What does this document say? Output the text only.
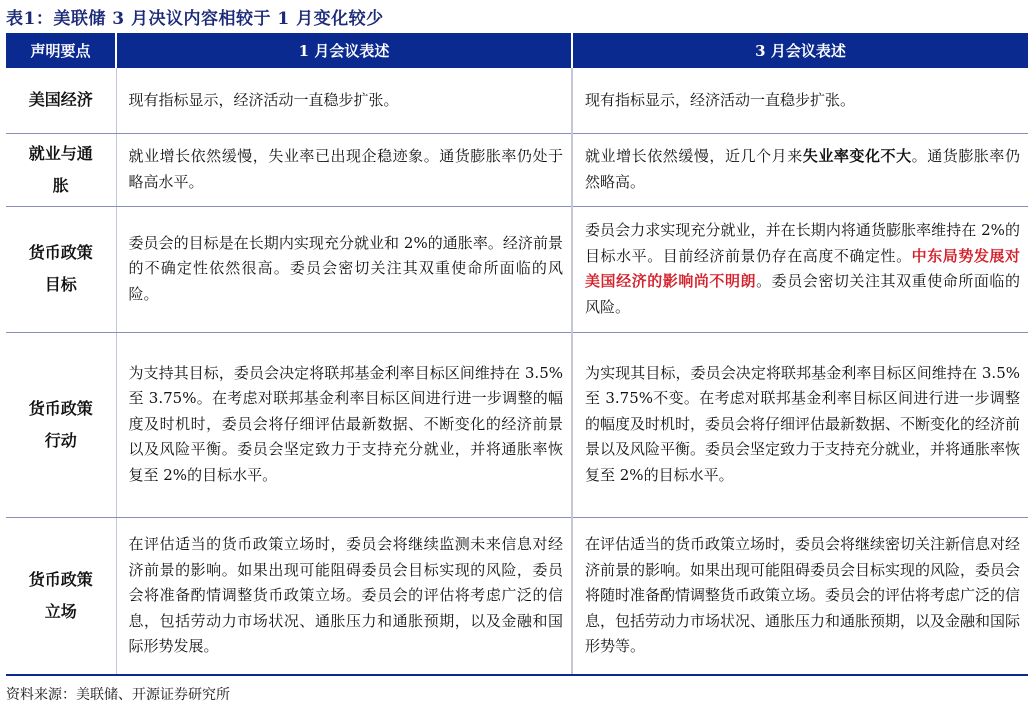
表1：美联储 3 月决议内容相较于 1 月变化较少
声明要点	1 月会议表述	3 月会议表述
美国经济	现有指标显示，经济活动一直稳步扩张。	现有指标显示，经济活动一直稳步扩张。
就业与通胀	就业增长依然缓慢，失业率已出现企稳迹象。通货膨胀率仍处于略高水平。	就业增长依然缓慢，近几个月来失业率变化不大。通货膨胀率仍然略高。
货币政策目标	委员会的目标是在长期内实现充分就业和 2%的通胀率。经济前景的不确定性依然很高。委员会密切关注其双重使命所面临的风险。	委员会力求实现充分就业，并在长期内将通货膨胀率维持在 2%的目标水平。目前经济前景仍存在高度不确定性。中东局势发展对美国经济的影响尚不明朗。委员会密切关注其双重使命所面临的风险。
货币政策行动	为支持其目标，委员会决定将联邦基金利率目标区间维持在 3.5%至 3.75%。在考虑对联邦基金利率目标区间进行进一步调整的幅度及时机时，委员会将仔细评估最新数据、不断变化的经济前景以及风险平衡。委员会坚定致力于支持充分就业，并将通胀率恢复至 2%的目标水平。	为实现其目标，委员会决定将联邦基金利率目标区间维持在 3.5%至 3.75%不变。在考虑对联邦基金利率目标区间进行进一步调整的幅度及时机时，委员会将仔细评估最新数据、不断变化的经济前景以及风险平衡。委员会坚定致力于支持充分就业，并将通胀率恢复至 2%的目标水平。
货币政策立场	在评估适当的货币政策立场时，委员会将继续监测未来信息对经济前景的影响。如果出现可能阻碍委员会目标实现的风险，委员会将准备酌情调整货币政策立场。委员会的评估将考虑广泛的信息，包括劳动力市场状况、通胀压力和通胀预期，以及金融和国际形势发展。	在评估适当的货币政策立场时，委员会将继续密切关注新信息对经济前景的影响。如果出现可能阻碍委员会目标实现的风险，委员会将随时准备酌情调整货币政策立场。委员会的评估将考虑广泛的信息，包括劳动力市场状况、通胀压力和通胀预期，以及金融和国际形势等。
资料来源：美联储、开源证券研究所
